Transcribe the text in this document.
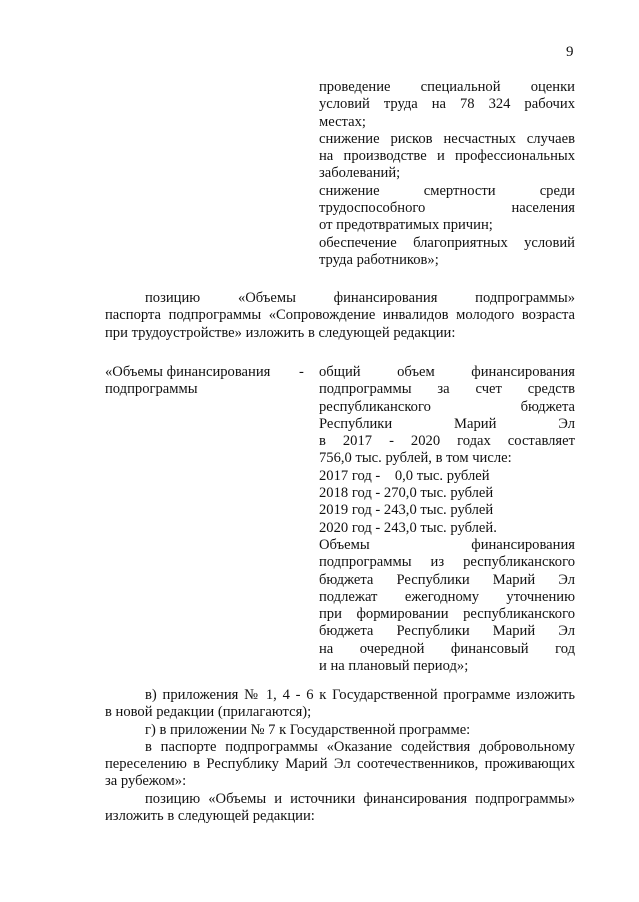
9
проведение специальной оценки
условий труда на 78 324 рабочих
местах;
снижение рисков несчастных случаев
на производстве и профессиональных
заболеваний;
снижение смертности среди
трудоспособного населения
от предотвратимых причин;
обеспечение благоприятных условий
труда работников»;
позицию «Объемы финансирования подпрограммы»
паспорта подпрограммы «Сопровождение инвалидов молодого возраста
при трудоустройстве» изложить в следующей редакции:
«Объемы финансирования
подпрограммы
- общий объем финансирования
подпрограммы за счет средств
республиканского бюджета
Республики Марий Эл
в 2017 - 2020 годах составляет
756,0 тыс. рублей, в том числе:
2017 год -    0,0 тыс. рублей
2018 год - 270,0 тыс. рублей
2019 год - 243,0 тыс. рублей
2020 год - 243,0 тыс. рублей.
Объемы финансирования
подпрограммы из республиканского
бюджета Республики Марий Эл
подлежат ежегодному уточнению
при формировании республиканского
бюджета Республики Марий Эл
на очередной финансовый год
и на плановый период»;
в) приложения № 1, 4 - 6 к Государственной программе изложить
в новой редакции (прилагаются);
г) в приложении № 7 к Государственной программе:
в паспорте подпрограммы «Оказание содействия добровольному
переселению в Республику Марий Эл соотечественников, проживающих
за рубежом»:
позицию «Объемы и источники финансирования подпрограммы»
изложить в следующей редакции:
